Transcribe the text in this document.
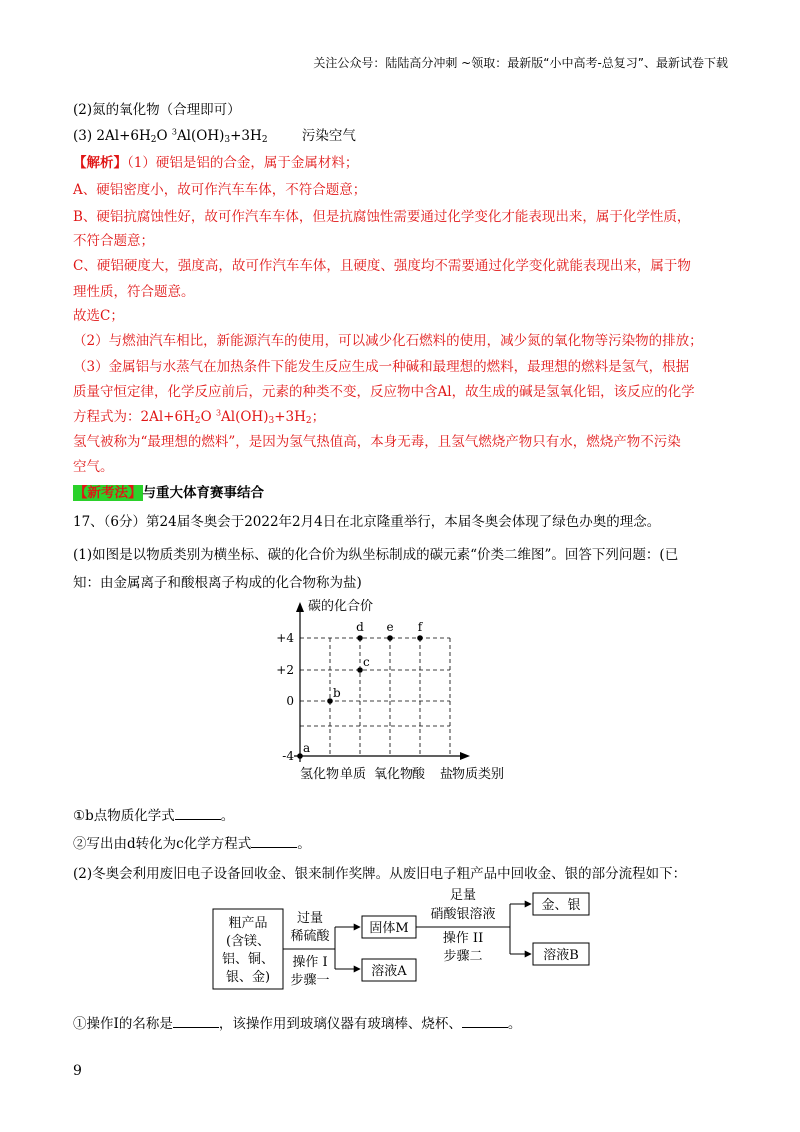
关注公众号：陆陆高分冲刺 ~领取：最新版“小中高考-总复习”、最新试卷下载
(2)氮的氧化物（合理即可）
(3) $2Al+6H_2O$ $^3Al(OH)_3+3H_2$	污染空气
【解析】（1）硬铝是铝的合金，属于金属材料；
A、硬铝密度小，故可作汽车车体，不符合题意；
B、硬铝抗腐蚀性好，故可作汽车车体，但是抗腐蚀性需要通过化学变化才能表现出来，属于化学性质，
不符合题意；
C、硬铝硬度大，强度高，故可作汽车车体，且硬度、强度均不需要通过化学变化就能表现出来，属于物
理性质，符合题意。
故选C；
（2）与燃油汽车相比，新能源汽车的使用，可以减少化石燃料的使用，减少氮的氧化物等污染物的排放；
（3）金属铝与水蒸气在加热条件下能发生反应生成一种碱和最理想的燃料，最理想的燃料是氢气，根据
质量守恒定律，化学反应前后，元素的种类不变，反应物中含Al，故生成的碱是氢氧化铝，该反应的化学
方程式为：$2Al+6H_2O$ $^3Al(OH)_3+3H_2$；
氢气被称为“最理想的燃料”，是因为氢气热值高，本身无毒，且氢气燃烧产物只有水，燃烧产物不污染
空气。
【新考法】与重大体育赛事结合
17、（6分）第24届冬奥会于2022年2月4日在北京隆重举行，本届冬奥会体现了绿色办奥的理念。
(1)如图是以物质类别为横坐标、碳的化合价为纵坐标制成的碳元素“价类二维图”。回答下列问题：(已
知：由金属离子和酸根离子构成的化合物称为盐)
碳的化合价
+4
+2
0
-4
氢化物 单质 氧化物
酸 盐
物质类别
a
b
c
d e f
①b点物质化学式	。
②写出由d转化为c化学方程式	。
(2)冬奥会利用废旧电子设备回收金、银来制作奖牌。从废旧电子粗产品中回收金、银的部分流程如下：
粗产品
(含镁、
铝、铜、
银、金)
过量
稀硫酸
操作 I
步骤一
固体M
溶液A
足量
硝酸银溶液
操作 II
步骤二
金、银
溶液B
①操作I的名称是	，该操作用到玻璃仪器有玻璃棒、烧杯、	。
9
